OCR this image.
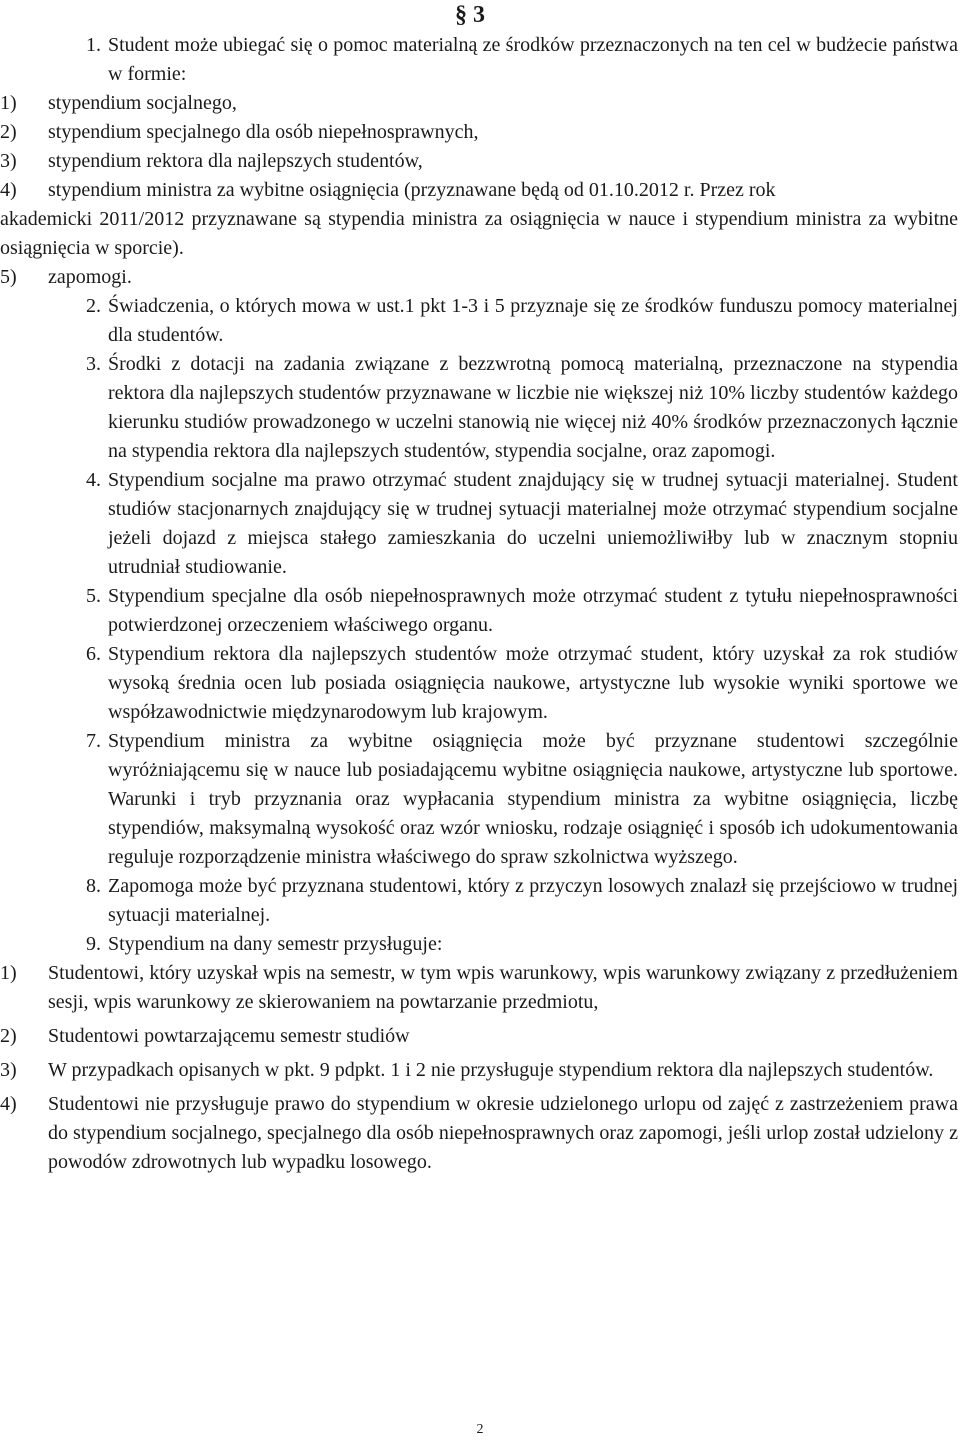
§ 3
1. Student może ubiegać się o pomoc materialną ze środków przeznaczonych na ten cel w budżecie państwa w formie:
1)	stypendium socjalnego,
2)	stypendium specjalnego dla osób niepełnosprawnych,
3)	stypendium rektora dla najlepszych studentów,
4)	stypendium ministra za wybitne osiągnięcia (przyznawane będą od 01.10.2012 r. Przez rok

akademicki 2011/2012 przyznawane są stypendia ministra za osiągnięcia w nauce i stypendium ministra za wybitne osiągnięcia w sporcie).

5)	zapomogi.
2. Świadczenia, o których mowa w ust.1 pkt 1-3 i 5 przyznaje się ze środków funduszu pomocy materialnej dla studentów.
3. Środki z dotacji na zadania związane z bezzwrotną pomocą materialną, przeznaczone na stypendia rektora dla najlepszych studentów przyznawane w liczbie nie większej niż 10% liczby studentów każdego kierunku studiów prowadzonego w uczelni stanowią nie więcej niż 40% środków przeznaczonych łącznie na stypendia rektora dla najlepszych studentów, stypendia socjalne, oraz zapomogi.
4. Stypendium socjalne ma prawo otrzymać student znajdujący się w trudnej sytuacji materialnej. Student studiów stacjonarnych znajdujący się w trudnej sytuacji materialnej może otrzymać stypendium socjalne jeżeli dojazd z miejsca stałego zamieszkania do uczelni uniemożliwiłby lub w znacznym stopniu utrudniał studiowanie.
5. Stypendium specjalne dla osób niepełnosprawnych może otrzymać student z tytułu niepełnosprawności potwierdzonej orzeczeniem właściwego organu.
6. Stypendium rektora dla najlepszych studentów może otrzymać student, który uzyskał za rok studiów wysoką średnia ocen lub posiada osiągnięcia naukowe, artystyczne lub wysokie wyniki sportowe we współzawodnictwie międzynarodowym lub krajowym.
7. Stypendium ministra za wybitne osiągnięcia może być przyznane studentowi szczególnie wyróżniającemu się w nauce lub posiadającemu wybitne osiągnięcia naukowe, artystyczne lub sportowe. Warunki i tryb przyznania oraz wypłacania stypendium ministra za wybitne osiągnięcia, liczbę stypendiów, maksymalną wysokość oraz wzór wniosku, rodzaje osiągnięć i sposób ich udokumentowania reguluje rozporządzenie ministra właściwego do spraw szkolnictwa wyższego.
8. Zapomoga może być przyznana studentowi, który z przyczyn losowych znalazł się przejściowo w trudnej sytuacji materialnej.
9. Stypendium na dany semestr przysługuje:
1)	Studentowi, który uzyskał wpis na semestr, w tym wpis warunkowy, wpis warunkowy związany z przedłużeniem sesji, wpis warunkowy ze skierowaniem na powtarzanie przedmiotu,
2)	Studentowi powtarzającemu semestr studiów
3)	W przypadkach opisanych w pkt. 9 pdpkt. 1 i 2 nie przysługuje stypendium rektora dla najlepszych studentów.
4)	Studentowi nie przysługuje prawo do stypendium w okresie udzielonego urlopu od zajęć z zastrzeżeniem prawa do stypendium socjalnego, specjalnego dla osób niepełnosprawnych oraz zapomogi, jeśli urlop został udzielony z powodów zdrowotnych lub wypadku losowego.
2
